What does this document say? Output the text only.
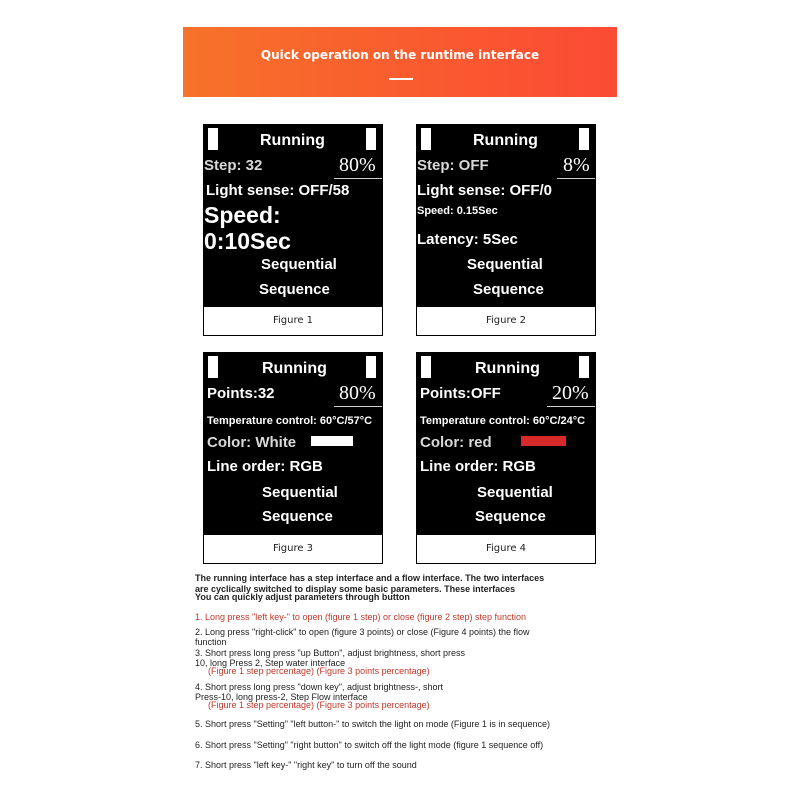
Quick operation on the runtime interface
Running
Step: 32	80%
Light sense: OFF/58
Speed:
0:10Sec
Sequential
Sequence
Figure 1
Running
Step: OFF	8%
Light sense: OFF/0
Speed: 0.15Sec
Latency: 5Sec
Sequential
Sequence
Figure 2
Running
Points:32	80%
Temperature control: 60°C/57°C
Color: White
Line order: RGB
Sequential
Sequence
Figure 3
Running
Points:OFF	20%
Temperature control: 60°C/24°C
Color: red
Line order: RGB
Sequential
Sequence
Figure 4
The running interface has a step interface and a flow interface. The two interfaces
are cyclically switched to display some basic parameters. These interfaces
You can quickly adjust parameters through button
1. Long press "left key-" to open (figure 1 step) or close (figure 2 step) step function
2. Long press "right-click" to open (figure 3 points) or close (Figure 4 points) the flow
function
3. Short press long press "up Button", adjust brightness, short press
10, long Press 2, Step water interface
(Figure 1 step percentage) (Figure 3 points percentage)
4. Short press long press "down key", adjust brightness-, short
Press-10, long press-2, Step Flow interface
(Figure 1 step percentage) (Figure 3 points percentage)
5. Short press "Setting" "left button-" to switch the light on mode (Figure 1 is in sequence)
6. Short press "Setting" "right button" to switch off the light mode (figure 1 sequence off)
7. Short press "left key-" "right key" to turn off the sound
